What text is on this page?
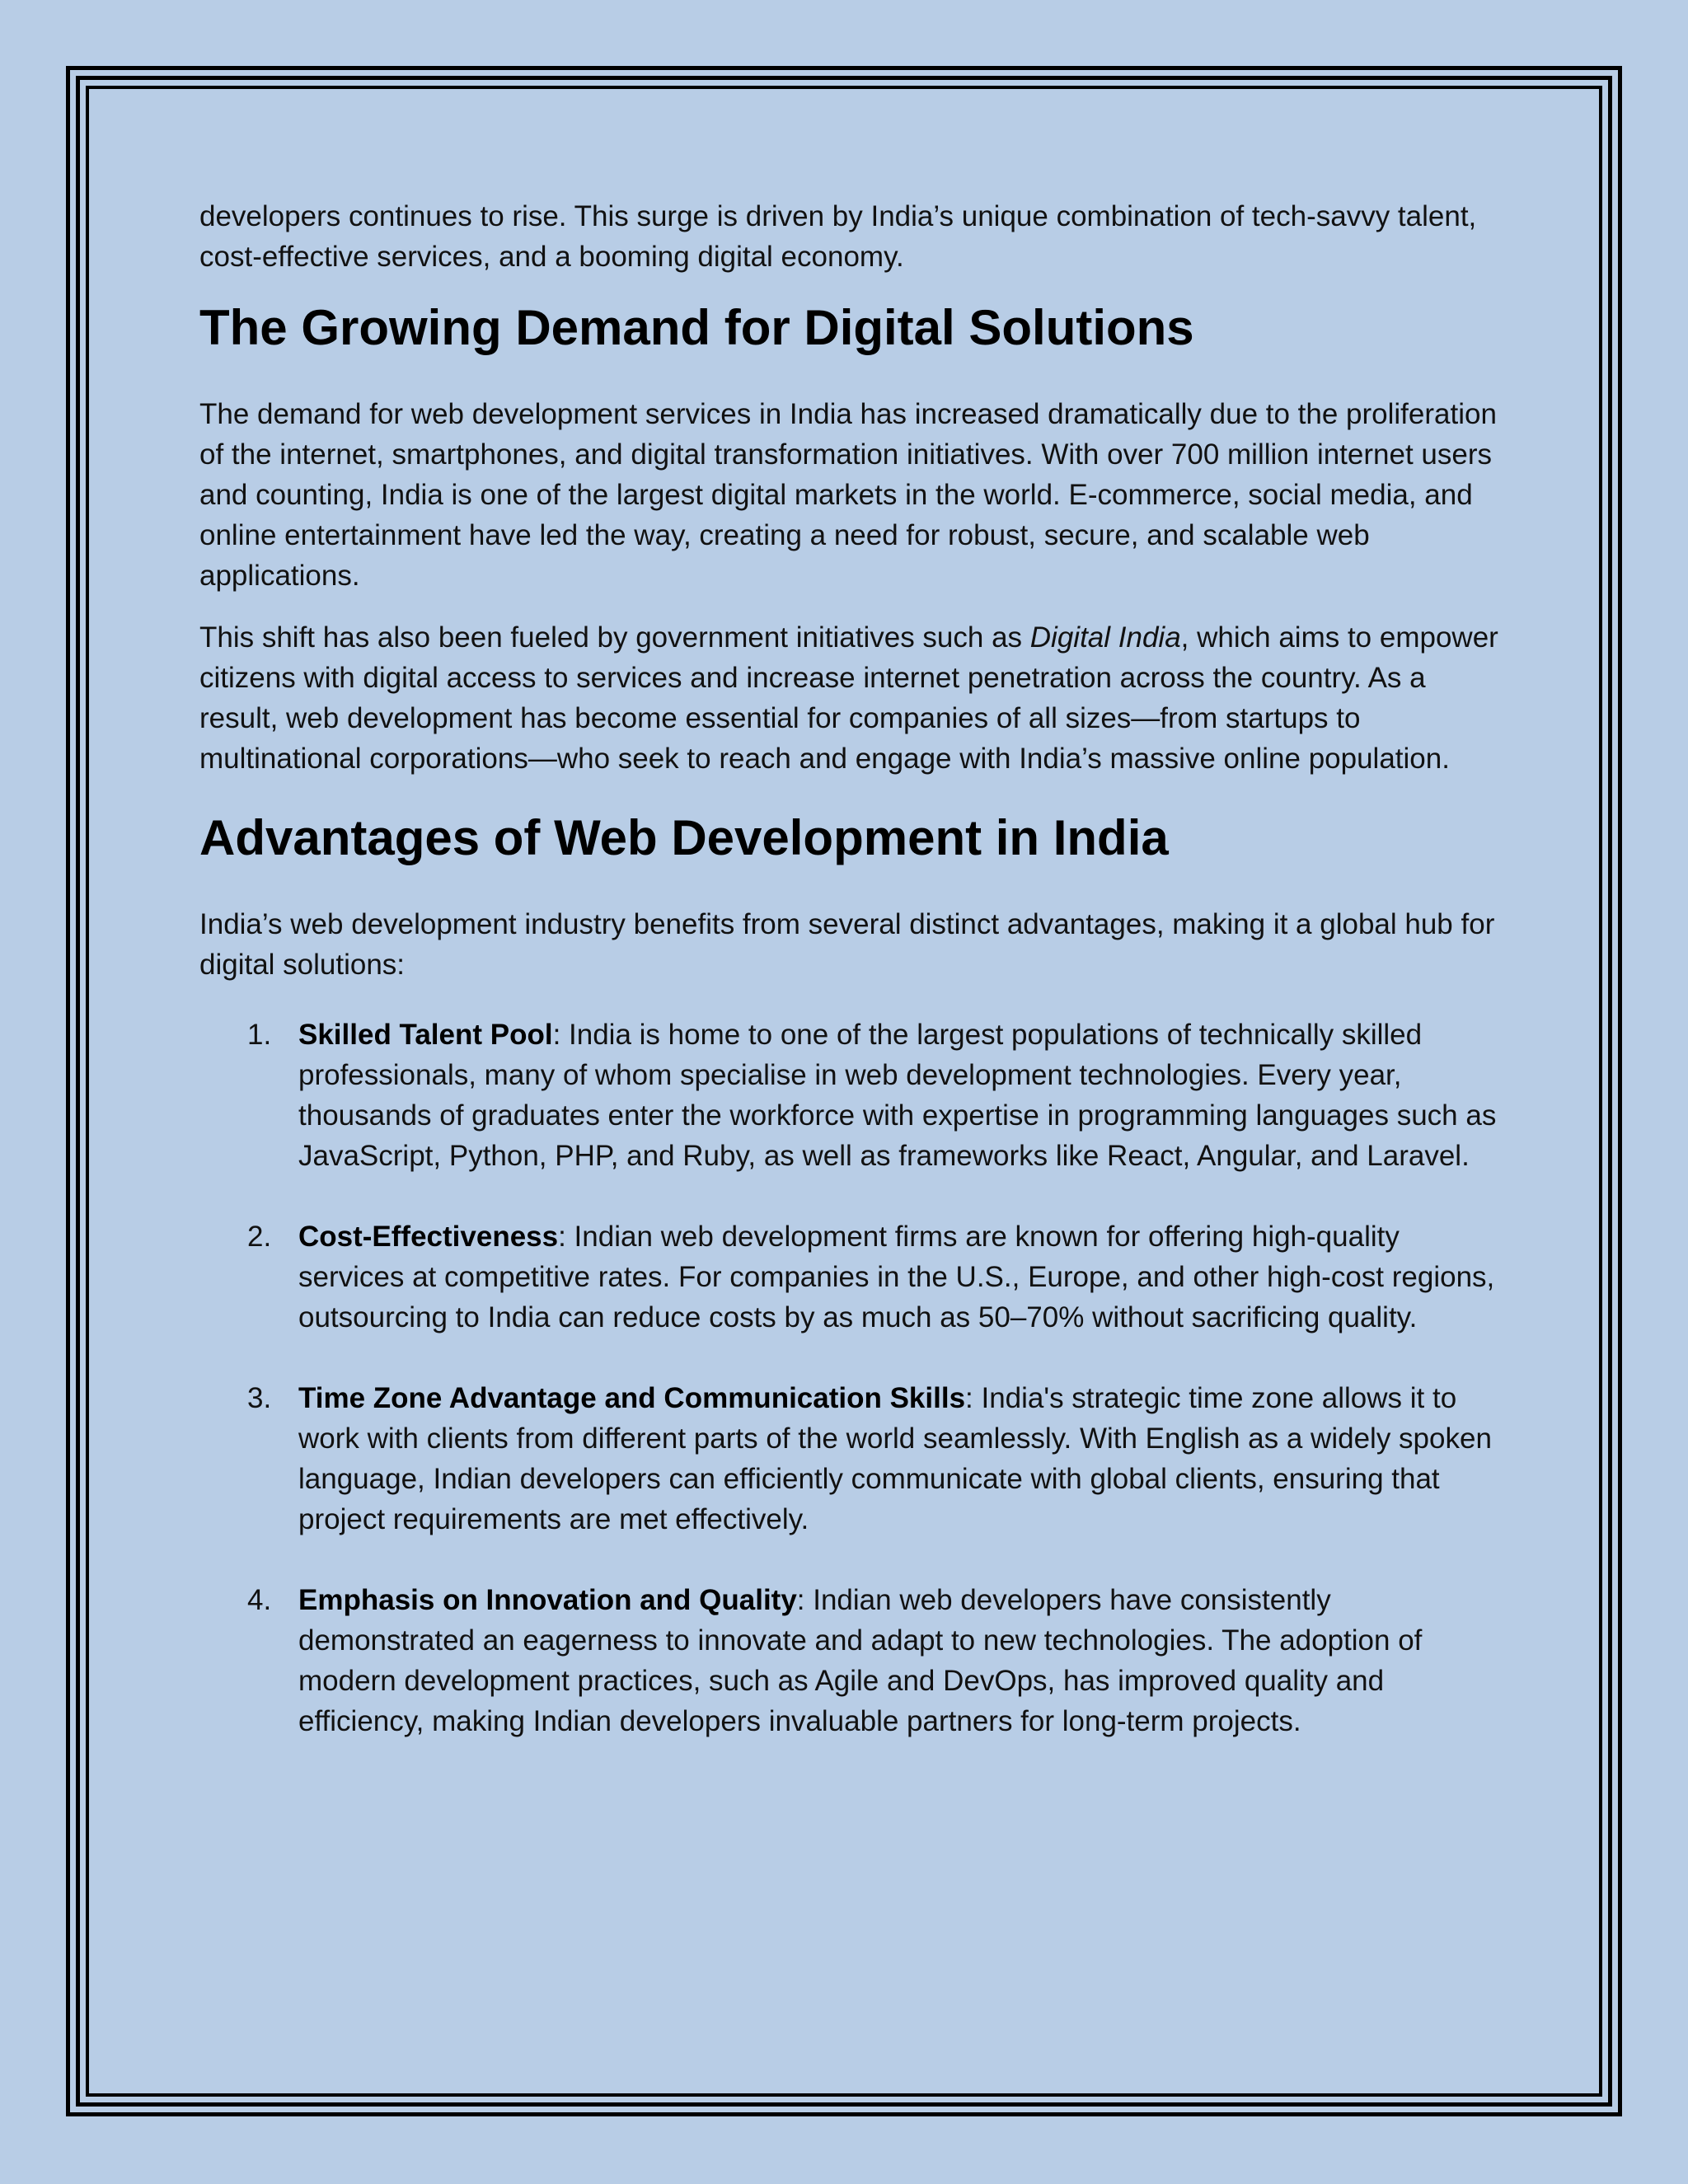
developers continues to rise. This surge is driven by India’s unique combination of tech-savvy talent, cost-effective services, and a booming digital economy.

The Growing Demand for Digital Solutions

The demand for web development services in India has increased dramatically due to the proliferation of the internet, smartphones, and digital transformation initiatives. With over 700 million internet users and counting, India is one of the largest digital markets in the world. E-commerce, social media, and online entertainment have led the way, creating a need for robust, secure, and scalable web applications.

This shift has also been fueled by government initiatives such as Digital India, which aims to empower citizens with digital access to services and increase internet penetration across the country. As a result, web development has become essential for companies of all sizes—from startups to multinational corporations—who seek to reach and engage with India’s massive online population.

Advantages of Web Development in India

India’s web development industry benefits from several distinct advantages, making it a global hub for digital solutions:

1. Skilled Talent Pool: India is home to one of the largest populations of technically skilled professionals, many of whom specialise in web development technologies. Every year, thousands of graduates enter the workforce with expertise in programming languages such as JavaScript, Python, PHP, and Ruby, as well as frameworks like React, Angular, and Laravel.
2. Cost-Effectiveness: Indian web development firms are known for offering high-quality services at competitive rates. For companies in the U.S., Europe, and other high-cost regions, outsourcing to India can reduce costs by as much as 50–70% without sacrificing quality.
3. Time Zone Advantage and Communication Skills: India's strategic time zone allows it to work with clients from different parts of the world seamlessly. With English as a widely spoken language, Indian developers can efficiently communicate with global clients, ensuring that project requirements are met effectively.
4. Emphasis on Innovation and Quality: Indian web developers have consistently demonstrated an eagerness to innovate and adapt to new technologies. The adoption of modern development practices, such as Agile and DevOps, has improved quality and efficiency, making Indian developers invaluable partners for long-term projects.
